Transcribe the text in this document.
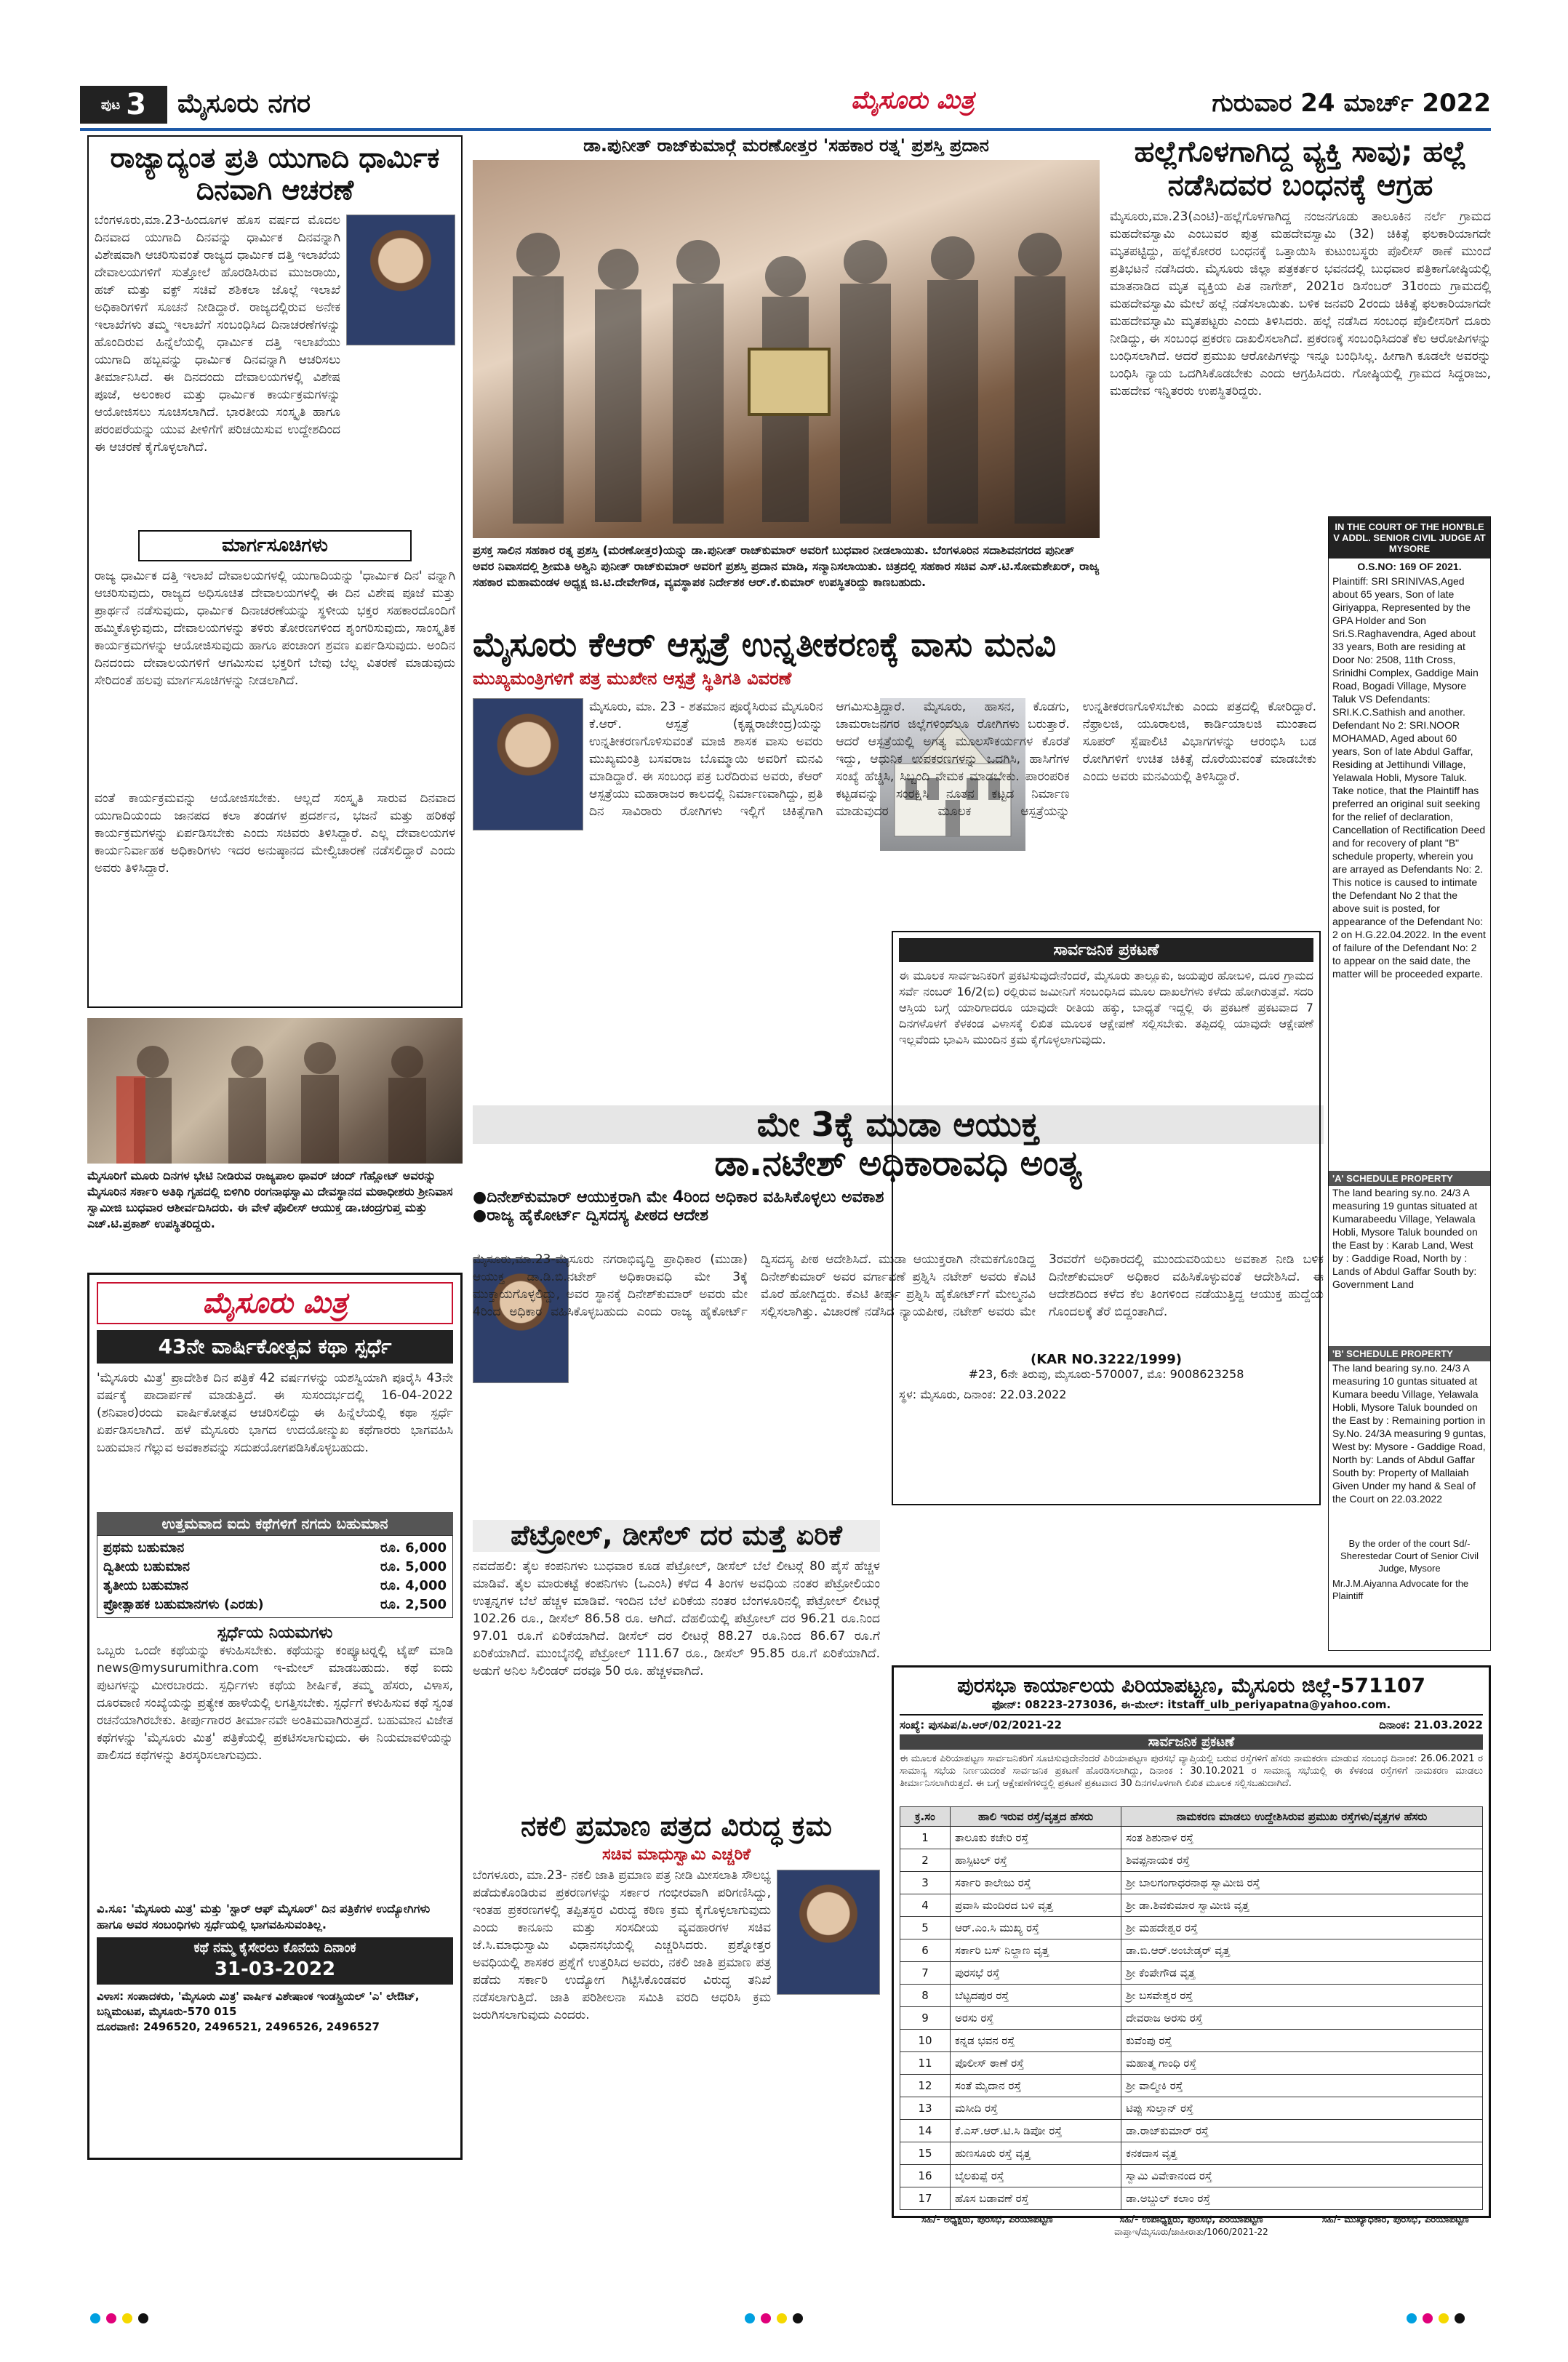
ಪುಟ 3 ಮೈಸೂರು ನಗರ	ಮೈಸೂರು ಮಿತ್ರ	ಗುರುವಾರ 24 ಮಾರ್ಚ್ 2022
ರಾಜ್ಯಾದ್ಯಂತ ಪ್ರತಿ ಯುಗಾದಿ ಧಾರ್ಮಿಕ ದಿನವಾಗಿ ಆಚರಣೆ
ಬೆಂಗಳೂರು,ಮಾ.23-ಹಿಂದೂಗಳ ಹೊಸ ವರ್ಷದ ಮೊದಲ ದಿನವಾದ ಯುಗಾದಿ ದಿನವನ್ನು ಧಾರ್ಮಿಕ ದಿನವನ್ನಾಗಿ ವಿಶೇಷವಾಗಿ ಆಚರಿಸುವಂತೆ ರಾಜ್ಯದ ಧಾರ್ಮಿಕ ದತ್ತಿ ಇಲಾಖೆಯ ದೇವಾಲಯಗಳಿಗೆ ಸುತ್ತೋಲೆ ಹೊರಡಿಸಿರುವ ಮುಜರಾಯಿ, ಹಜ್ ಮತ್ತು ವಕ್ಫ್ ಸಚಿವೆ ಶಶಿಕಲಾ ಜೊಲ್ಲೆ ಇಲಾಖೆ ಅಧಿಕಾರಿಗಳಿಗೆ ಸೂಚನೆ ನೀಡಿದ್ದಾರೆ. ರಾಜ್ಯದಲ್ಲಿರುವ ಅನೇಕ ಇಲಾಖೆಗಳು ತಮ್ಮ ಇಲಾಖೆಗೆ ಸಂಬಂಧಿಸಿದ ದಿನಾಚರಣೆಗಳನ್ನು ಹೊಂದಿರುವ ಹಿನ್ನೆಲೆಯಲ್ಲಿ ಧಾರ್ಮಿಕ ದತ್ತಿ ಇಲಾಖೆಯು ಯುಗಾದಿ ಹಬ್ಬವನ್ನು ಧಾರ್ಮಿಕ ದಿನವನ್ನಾಗಿ ಆಚರಿಸಲು ತೀರ್ಮಾನಿಸಿದೆ. ಈ ದಿನದಂದು ದೇವಾಲಯಗಳಲ್ಲಿ ವಿಶೇಷ ಪೂಜೆ, ಅಲಂಕಾರ ಮತ್ತು ಧಾರ್ಮಿಕ ಕಾರ್ಯಕ್ರಮಗಳನ್ನು ಆಯೋಜಿಸಲು ಸೂಚಿಸಲಾಗಿದೆ. ಭಾರತೀಯ ಸಂಸ್ಕೃತಿ ಹಾಗೂ ಪರಂಪರೆಯನ್ನು ಯುವ ಪೀಳಿಗೆಗೆ ಪರಿಚಯಿಸುವ ಉದ್ದೇಶದಿಂದ ಈ ಆಚರಣೆ ಕೈಗೊಳ್ಳಲಾಗಿದೆ.
ಮಾರ್ಗಸೂಚಿಗಳು
ರಾಜ್ಯ ಧಾರ್ಮಿಕ ದತ್ತಿ ಇಲಾಖೆ ದೇವಾಲಯಗಳಲ್ಲಿ ಯುಗಾದಿಯನ್ನು 'ಧಾರ್ಮಿಕ ದಿನ' ವನ್ನಾಗಿ ಆಚರಿಸುವುದು, ರಾಜ್ಯದ ಅಧಿಸೂಚಿತ ದೇವಾಲಯಗಳಲ್ಲಿ ಈ ದಿನ ವಿಶೇಷ ಪೂಜೆ ಮತ್ತು ಪ್ರಾರ್ಥನೆ ನಡೆಸುವುದು, ಧಾರ್ಮಿಕ ದಿನಾಚರಣೆಯನ್ನು ಸ್ಥಳೀಯ ಭಕ್ತರ ಸಹಕಾರದೊಂದಿಗೆ ಹಮ್ಮಿಕೊಳ್ಳುವುದು, ದೇವಾಲಯಗಳನ್ನು ತಳಿರು ತೋರಣಗಳಿಂದ ಶೃಂಗರಿಸುವುದು, ಸಾಂಸ್ಕೃತಿಕ ಕಾರ್ಯಕ್ರಮಗಳನ್ನು ಆಯೋಜಿಸುವುದು ಹಾಗೂ ಪಂಚಾಂಗ ಶ್ರವಣ ಏರ್ಪಡಿಸುವುದು. ಅಂದಿನ ದಿನದಂದು ದೇವಾಲಯಗಳಿಗೆ ಆಗಮಿಸುವ ಭಕ್ತರಿಗೆ ಬೇವು ಬೆಲ್ಲ ವಿತರಣೆ ಮಾಡುವುದು ಸೇರಿದಂತೆ ಹಲವು ಮಾರ್ಗಸೂಚಿಗಳನ್ನು ನೀಡಲಾಗಿದೆ.
ವಂತೆ ಕಾರ್ಯಕ್ರಮವನ್ನು ಆಯೋಜಿಸಬೇಕು. ಆಲ್ಲದೆ ಸಂಸ್ಕೃತಿ ಸಾರುವ ದಿನವಾದ ಯುಗಾದಿಯಂದು ಜಾನಪದ ಕಲಾ ತಂಡಗಳ ಪ್ರದರ್ಶನ, ಭಜನೆ ಮತ್ತು ಹರಿಕಥೆ ಕಾರ್ಯಕ್ರಮಗಳನ್ನು ಏರ್ಪಡಿಸಬೇಕು ಎಂದು ಸಚಿವರು ತಿಳಿಸಿದ್ದಾರೆ. ಎಲ್ಲ ದೇವಾಲಯಗಳ ಕಾರ್ಯನಿರ್ವಾಹಕ ಅಧಿಕಾರಿಗಳು ಇದರ ಅನುಷ್ಠಾನದ ಮೇಲ್ವಿಚಾರಣೆ ನಡೆಸಲಿದ್ದಾರೆ ಎಂದು ಅವರು ತಿಳಿಸಿದ್ದಾರೆ.
ಡಾ.ಪುನೀತ್ ರಾಜ್‍ಕುಮಾರ್‍ಗೆ ಮರಣೋತ್ತರ 'ಸಹಕಾರ ರತ್ನ' ಪ್ರಶಸ್ತಿ ಪ್ರದಾನ
ಪ್ರಸಕ್ತ ಸಾಲಿನ ಸಹಕಾರ ರತ್ನ ಪ್ರಶಸ್ತಿ (ಮರಣೋತ್ತರ)ಯನ್ನು ಡಾ.ಪುನೀತ್ ರಾಜ್‍ಕುಮಾರ್ ಅವರಿಗೆ ಬುಧವಾರ ನೀಡಲಾಯಿತು. ಬೆಂಗಳೂರಿನ ಸದಾಶಿವನಗರದ ಪುನೀತ್ ಅವರ ನಿವಾಸದಲ್ಲಿ ಶ್ರೀಮತಿ ಅಶ್ವಿನಿ ಪುನೀತ್ ರಾಜ್‍ಕುಮಾರ್ ಅವರಿಗೆ ಪ್ರಶಸ್ತಿ ಪ್ರದಾನ ಮಾಡಿ, ಸನ್ಮಾನಿಸಲಾಯಿತು. ಚಿತ್ರದಲ್ಲಿ ಸಹಕಾರ ಸಚಿವ ಎಸ್.ಟಿ.ಸೋಮಶೇಖರ್, ರಾಜ್ಯ ಸಹಕಾರ ಮಹಾಮಂಡಳ ಅಧ್ಯಕ್ಷ ಜಿ.ಟಿ.ದೇವೇಗೌಡ, ವ್ಯವಸ್ಥಾಪಕ ನಿರ್ದೇಶಕ ಆರ್.ಕೆ.ಕುಮಾರ್ ಉಪಸ್ಥಿತರಿದ್ದು ಕಾಣಬಹುದು.
ಹಲ್ಲೆಗೊಳಗಾಗಿದ್ದ ವ್ಯಕ್ತಿ ಸಾವು; ಹಲ್ಲೆ ನಡೆಸಿದವರ ಬಂಧನಕ್ಕೆ ಆಗ್ರಹ
ಮೈಸೂರು,ಮಾ.23(ಎಂಟಿ)-ಹಲ್ಲೆಗೊಳಗಾಗಿದ್ದ ನಂಜನಗೂಡು ತಾಲೂಕಿನ ನರ್ಲೆ ಗ್ರಾಮದ ಮಹದೇವಸ್ವಾಮಿ ಎಂಬುವರ ಪುತ್ರ ಮಹದೇವಸ್ವಾಮಿ (32) ಚಿಕಿತ್ಸೆ ಫಲಕಾರಿಯಾಗದೇ ಮೃತಪಟ್ಟಿದ್ದು, ಹಲ್ಲೆಕೋರರ ಬಂಧನಕ್ಕೆ ಒತ್ತಾಯಿಸಿ ಕುಟುಂಬಸ್ಥರು ಪೊಲೀಸ್ ಠಾಣೆ ಮುಂದೆ ಪ್ರತಿಭಟನೆ ನಡೆಸಿದರು. ಮೈಸೂರು ಜಿಲ್ಲಾ ಪತ್ರಕರ್ತರ ಭವನದಲ್ಲಿ ಬುಧವಾರ ಪತ್ರಿಕಾಗೋಷ್ಠಿಯಲ್ಲಿ ಮಾತನಾಡಿದ ಮೃತ ವ್ಯಕ್ತಿಯ ಪಿತ ನಾಗೇಶ್, 2021ರ ಡಿಸೆಂಬರ್ 31ರಂದು ಗ್ರಾಮದಲ್ಲಿ ಮಹದೇವಸ್ವಾಮಿ ಮೇಲೆ ಹಲ್ಲೆ ನಡೆಸಲಾಯಿತು. ಬಳಿಕ ಜನವರಿ 2ರಂದು ಚಿಕಿತ್ಸೆ ಫಲಕಾರಿಯಾಗದೇ ಮಹದೇವಸ್ವಾಮಿ ಮೃತಪಟ್ಟರು ಎಂದು ತಿಳಿಸಿದರು. ಹಲ್ಲೆ ನಡೆಸಿದ ಸಂಬಂಧ ಪೊಲೀಸರಿಗೆ ದೂರು ನೀಡಿದ್ದು, ಈ ಸಂಬಂಧ ಪ್ರಕರಣ ದಾಖಲಿಸಲಾಗಿದೆ. ಪ್ರಕರಣಕ್ಕೆ ಸಂಬಂಧಿಸಿದಂತೆ ಕೆಲ ಆರೋಪಿಗಳನ್ನು ಬಂಧಿಸಲಾಗಿದೆ. ಆದರೆ ಪ್ರಮುಖ ಆರೋಪಿಗಳನ್ನು ಇನ್ನೂ ಬಂಧಿಸಿಲ್ಲ. ಹೀಗಾಗಿ ಕೂಡಲೇ ಅವರನ್ನು ಬಂಧಿಸಿ ನ್ಯಾಯ ಒದಗಿಸಿಕೊಡಬೇಕು ಎಂದು ಆಗ್ರಹಿಸಿದರು. ಗೋಷ್ಠಿಯಲ್ಲಿ ಗ್ರಾಮದ ಸಿದ್ದರಾಜು, ಮಹದೇವ ಇನ್ನಿತರರು ಉಪಸ್ಥಿತರಿದ್ದರು.
ಮೈಸೂರು ಕೆಆರ್ ಆಸ್ಪತ್ರೆ ಉನ್ನತೀಕರಣಕ್ಕೆ ವಾಸು ಮನವಿ
ಮುಖ್ಯಮಂತ್ರಿಗಳಿಗೆ ಪತ್ರ ಮುಖೇನ ಆಸ್ಪತ್ರೆ ಸ್ಥಿತಿಗತಿ ವಿವರಣೆ
ಮೈಸೂರು, ಮಾ. 23 - ಶತಮಾನ ಪೂರೈಸಿರುವ ಮೈಸೂರಿನ ಕೆ.ಆರ್. ಆಸ್ಪತ್ರೆ (ಕೃಷ್ಣರಾಜೇಂದ್ರ)ಯನ್ನು ಉನ್ನತೀಕರಣಗೊಳಿಸುವಂತೆ ಮಾಜಿ ಶಾಸಕ ವಾಸು ಅವರು ಮುಖ್ಯಮಂತ್ರಿ ಬಸವರಾಜ ಬೊಮ್ಮಾಯಿ ಅವರಿಗೆ ಮನವಿ ಮಾಡಿದ್ದಾರೆ. ಈ ಸಂಬಂಧ ಪತ್ರ ಬರೆದಿರುವ ಅವರು, ಕೆಆರ್ ಆಸ್ಪತ್ರೆಯು ಮಹಾರಾಜರ ಕಾಲದಲ್ಲಿ ನಿರ್ಮಾಣವಾಗಿದ್ದು, ಪ್ರತಿ ದಿನ ಸಾವಿರಾರು ರೋಗಿಗಳು ಇಲ್ಲಿಗೆ ಚಿಕಿತ್ಸೆಗಾಗಿ ಆಗಮಿಸುತ್ತಿದ್ದಾರೆ. ಮೈಸೂರು, ಹಾಸನ, ಕೊಡಗು, ಚಾಮರಾಜನಗರ ಜಿಲ್ಲೆಗಳಿಂದಲೂ ರೋಗಿಗಳು ಬರುತ್ತಾರೆ. ಆದರೆ ಆಸ್ಪತ್ರೆಯಲ್ಲಿ ಅಗತ್ಯ ಮೂಲಸೌಕರ್ಯಗಳ ಕೊರತೆ ಇದ್ದು, ಆಧುನಿಕ ಉಪಕರಣಗಳನ್ನು ಒದಗಿಸಿ, ಹಾಸಿಗೆಗಳ ಸಂಖ್ಯೆ ಹೆಚ್ಚಿಸಿ, ಸಿಬ್ಬಂದಿ ನೇಮಕ ಮಾಡಬೇಕು. ಪಾರಂಪರಿಕ ಕಟ್ಟಡವನ್ನು ಸಂರಕ್ಷಿಸಿ ನೂತನ ಕಟ್ಟಡ ನಿರ್ಮಾಣ ಮಾಡುವುದರ ಮೂಲಕ ಆಸ್ಪತ್ರೆಯನ್ನು ಉನ್ನತೀಕರಣಗೊಳಿಸಬೇಕು ಎಂದು ಪತ್ರದಲ್ಲಿ ಕೋರಿದ್ದಾರೆ. ನೆಫ್ರಾಲಜಿ, ಯೂರಾಲಜಿ, ಕಾರ್ಡಿಯಾಲಜಿ ಮುಂತಾದ ಸೂಪರ್ ಸ್ಪೆಷಾಲಿಟಿ ವಿಭಾಗಗಳನ್ನು ಆರಂಭಿಸಿ ಬಡ ರೋಗಿಗಳಿಗೆ ಉಚಿತ ಚಿಕಿತ್ಸೆ ದೊರೆಯುವಂತೆ ಮಾಡಬೇಕು ಎಂದು ಅವರು ಮನವಿಯಲ್ಲಿ ತಿಳಿಸಿದ್ದಾರೆ.
IN THE COURT OF THE HON'BLE V ADDL. SENIOR CIVIL JUDGE AT MYSORE
O.S.NO: 169 OF 2021.
Plaintiff: SRI SRINIVAS,Aged about 65 years, Son of late Giriyappa, Represented by the GPA Holder and Son Sri.S.Raghavendra, Aged about 33 years, Both are residing at Door No: 2508, 11th Cross, Srinidhi Complex, Gaddige Main Road, Bogadi Village, Mysore Taluk VS Defendants: SRI.K.C.Sathish and another. Defendant No 2: SRI.NOOR MOHAMAD, Aged about 60 years, Son of late Abdul Gaffar, Residing at Jettihundi Village, Yelawala Hobli, Mysore Taluk. Take notice, that the Plaintiff has preferred an original suit seeking for the relief of declaration, Cancellation of Rectification Deed and for recovery of plant "B" schedule property, wherein you are arrayed as Defendants No: 2. This notice is caused to intimate the Defendant No 2 that the above suit is posted, for appearance of the Defendant No: 2 on H.G.22.04.2022. In the event of failure of the Defendant No: 2 to appear on the said date, the matter will be proceeded exparte.
'A' SCHEDULE PROPERTY
The land bearing sy.no. 24/3 A measuring 19 guntas situated at Kumarabeedu Village, Yelawala Hobli, Mysore Taluk bounded on the East by : Karab Land, West by : Gaddige Road, North by : Lands of Abdul Gaffar South by: Government Land
'B' SCHEDULE PROPERTY
The land bearing sy.no. 24/3 A measuring 10 guntas situated at Kumara beedu Village, Yelawala Hobli, Mysore Taluk bounded on the East by : Remaining portion in Sy.No. 24/3A measuring 9 guntas, West by: Mysore - Gaddige Road, North by: Lands of Abdul Gaffar South by: Property of Mallaiah Given Under my hand & Seal of the Court on 22.03.2022
By the order of the court Sd/- Sherestedar Court of Senior Civil Judge, Mysore
Mr.J.M.Aiyanna Advocate for the Plaintiff
ಮೈಸೂರಿಗೆ ಮೂರು ದಿನಗಳ ಭೇಟಿ ನೀಡಿರುವ ರಾಜ್ಯಪಾಲ ಥಾವರ್ ಚಂದ್ ಗೆಹ್ಲೋಟ್ ಅವರನ್ನು ಮೈಸೂರಿನ ಸರ್ಕಾರಿ ಅತಿಥಿ ಗೃಹದಲ್ಲಿ ಬಿಳಿಗಿರಿ ರಂಗನಾಥಸ್ವಾಮಿ ದೇವಸ್ಥಾನದ ಮಠಾಧೀಶರು ಶ್ರೀನಿವಾಸ ಸ್ವಾಮೀಜಿ ಬುಧವಾರ ಆಶೀರ್ವದಿಸಿದರು. ಈ ವೇಳೆ ಪೊಲೀಸ್ ಆಯುಕ್ತ ಡಾ.ಚಂದ್ರಗುಪ್ತ ಮತ್ತು ಎಚ್.ಟಿ.ಪ್ರಕಾಶ್ ಉಪಸ್ಥಿತರಿದ್ದರು.
ಮೇ 3ಕ್ಕೆ ಮುಡಾ ಆಯುಕ್ತ
ಡಾ.ನಟೇಶ್ ಅಧಿಕಾರಾವಧಿ ಅಂತ್ಯ
●ದಿನೇಶ್‍ಕುಮಾರ್ ಆಯುಕ್ತರಾಗಿ ಮೇ 4ರಿಂದ ಅಧಿಕಾರ ವಹಿಸಿಕೊಳ್ಳಲು ಅವಕಾಶ
●ರಾಜ್ಯ ಹೈಕೋರ್ಟ್ ದ್ವಿಸದಸ್ಯ ಪೀಠದ ಆದೇಶ
ಮೈಸೂರು,ಮಾ.23-ಮೈಸೂರು ನಗರಾಭಿವೃದ್ಧಿ ಪ್ರಾಧಿಕಾರ (ಮುಡಾ) ಆಯುಕ್ತ ಡಾ.ಡಿ.ಬಿ.ನಟೇಶ್ ಅಧಿಕಾರಾವಧಿ ಮೇ 3ಕ್ಕೆ ಮುಕ್ತಾಯಗೊಳ್ಳಲಿದ್ದು, ಅವರ ಸ್ಥಾನಕ್ಕೆ ದಿನೇಶ್‍ಕುಮಾರ್ ಅವರು ಮೇ 4ರಿಂದ ಅಧಿಕಾರ ವಹಿಸಿಕೊಳ್ಳಬಹುದು ಎಂದು ರಾಜ್ಯ ಹೈಕೋರ್ಟ್ ದ್ವಿಸದಸ್ಯ ಪೀಠ ಆದೇಶಿಸಿದೆ. ಮುಡಾ ಆಯುಕ್ತರಾಗಿ ನೇಮಕಗೊಂಡಿದ್ದ ದಿನೇಶ್‍ಕುಮಾರ್ ಅವರ ವರ್ಗಾವಣೆ ಪ್ರಶ್ನಿಸಿ ನಟೇಶ್ ಅವರು ಕೆಎಟಿ ಮೊರೆ ಹೋಗಿದ್ದರು. ಕೆಎಟಿ ತೀರ್ಪು ಪ್ರಶ್ನಿಸಿ ಹೈಕೋರ್ಟ್‍ಗೆ ಮೇಲ್ಮನವಿ ಸಲ್ಲಿಸಲಾಗಿತ್ತು. ವಿಚಾರಣೆ ನಡೆಸಿದ ನ್ಯಾಯಪೀಠ, ನಟೇಶ್ ಅವರು ಮೇ 3ರವರೆಗೆ ಅಧಿಕಾರದಲ್ಲಿ ಮುಂದುವರಿಯಲು ಅವಕಾಶ ನೀಡಿ ಬಳಿಕ ದಿನೇಶ್‍ಕುಮಾರ್ ಅಧಿಕಾರ ವಹಿಸಿಕೊಳ್ಳುವಂತೆ ಆದೇಶಿಸಿದೆ. ಈ ಆದೇಶದಿಂದ ಕಳೆದ ಕೆಲ ತಿಂಗಳಿಂದ ನಡೆಯುತ್ತಿದ್ದ ಆಯುಕ್ತ ಹುದ್ದೆಯ ಗೊಂದಲಕ್ಕೆ ತೆರೆ ಬಿದ್ದಂತಾಗಿದೆ.
ಮೈಸೂರು ಮಿತ್ರ
43ನೇ ವಾರ್ಷಿಕೋತ್ಸವ ಕಥಾ ಸ್ಪರ್ಧೆ
'ಮೈಸೂರು ಮಿತ್ರ' ಪ್ರಾದೇಶಿಕ ದಿನ ಪತ್ರಿಕೆ 42 ವರ್ಷಗಳನ್ನು ಯಶಸ್ವಿಯಾಗಿ ಪೂರೈಸಿ 43ನೇ ವರ್ಷಕ್ಕೆ ಪಾದಾರ್ಪಣೆ ಮಾಡುತ್ತಿದೆ. ಈ ಸುಸಂದರ್ಭದಲ್ಲಿ 16-04-2022 (ಶನಿವಾರ)ರಂದು ವಾರ್ಷಿಕೋತ್ಸವ ಆಚರಿಸಲಿದ್ದು ಈ ಹಿನ್ನೆಲೆಯಲ್ಲಿ ಕಥಾ ಸ್ಪರ್ಧೆ ಏರ್ಪಡಿಸಲಾಗಿದೆ. ಹಳೆ ಮೈಸೂರು ಭಾಗದ ಉದಯೋನ್ಮುಖ ಕಥೆಗಾರರು ಭಾಗವಹಿಸಿ ಬಹುಮಾನ ಗೆಲ್ಲುವ ಅವಕಾಶವನ್ನು ಸದುಪಯೋಗಪಡಿಸಿಕೊಳ್ಳಬಹುದು.
ಉತ್ತಮವಾದ ಐದು ಕಥೆಗಳಿಗೆ ನಗದು ಬಹುಮಾನ
ಪ್ರಥಮ ಬಹುಮಾನ	ರೂ. 6,000
ದ್ವಿತೀಯ ಬಹುಮಾನ	ರೂ. 5,000
ತೃತೀಯ ಬಹುಮಾನ	ರೂ. 4,000
ಪ್ರೋತ್ಸಾಹಕ ಬಹುಮಾನಗಳು (ಎರಡು)	ರೂ. 2,500
ಸ್ಪರ್ಧೆಯ ನಿಯಮಗಳು
ಒಬ್ಬರು ಒಂದೇ ಕಥೆಯನ್ನು ಕಳುಹಿಸಬೇಕು. ಕಥೆಯನ್ನು ಕಂಪ್ಯೂಟರ್‍ನಲ್ಲಿ ಟೈಪ್ ಮಾಡಿ news@mysurumithra.com ಇ-ಮೇಲ್ ಮಾಡಬಹುದು. ಕಥೆ ಐದು ಪುಟಗಳನ್ನು ಮೀರಬಾರದು. ಸ್ಪರ್ಧಿಗಳು ಕಥೆಯ ಶೀರ್ಷಿಕೆ, ತಮ್ಮ ಹೆಸರು, ವಿಳಾಸ, ದೂರವಾಣಿ ಸಂಖ್ಯೆಯನ್ನು ಪ್ರತ್ಯೇಕ ಹಾಳೆಯಲ್ಲಿ ಲಗತ್ತಿಸಬೇಕು. ಸ್ಪರ್ಧೆಗೆ ಕಳುಹಿಸುವ ಕಥೆ ಸ್ವಂತ ರಚನೆಯಾಗಿರಬೇಕು. ತೀರ್ಪುಗಾರರ ತೀರ್ಮಾನವೇ ಅಂತಿಮವಾಗಿರುತ್ತದೆ. ಬಹುಮಾನ ವಿಜೇತ ಕಥೆಗಳನ್ನು 'ಮೈಸೂರು ಮಿತ್ರ' ಪತ್ರಿಕೆಯಲ್ಲಿ ಪ್ರಕಟಿಸಲಾಗುವುದು. ಈ ನಿಯಮಾವಳಿಯನ್ನು ಪಾಲಿಸದ ಕಥೆಗಳನ್ನು ತಿರಸ್ಕರಿಸಲಾಗುವುದು.
ವಿ.ಸೂ: 'ಮೈಸೂರು ಮಿತ್ರ' ಮತ್ತು 'ಸ್ಟಾರ್ ಆಫ್ ಮೈಸೂರ್' ದಿನ ಪತ್ರಿಕೆಗಳ ಉದ್ಯೋಗಿಗಳು ಹಾಗೂ ಅವರ ಸಂಬಂಧಿಗಳು ಸ್ಪರ್ಧೆಯಲ್ಲಿ ಭಾಗವಹಿಸುವಂತಿಲ್ಲ.
ಕಥೆ ನಮ್ಮ ಕೈಸೇರಲು ಕೊನೆಯ ದಿನಾಂಕ
31-03-2022
ವಿಳಾಸ: ಸಂಪಾದಕರು, 'ಮೈಸೂರು ಮಿತ್ರ' ವಾರ್ಷಿಕ ವಿಶೇಷಾಂಕ ಇಂಡಸ್ಟ್ರಿಯಲ್ 'ಎ' ಲೇಔಟ್, ಬನ್ನಿಮಂಟಪ, ಮೈಸೂರು-570 015
ದೂರವಾಣಿ: 2496520, 2496521, 2496526, 2496527
ಪೆಟ್ರೋಲ್, ಡೀಸೆಲ್ ದರ ಮತ್ತೆ ಏರಿಕೆ
ನವದೆಹಲಿ: ತೈಲ ಕಂಪನಿಗಳು ಬುಧವಾರ ಕೂಡ ಪೆಟ್ರೋಲ್, ಡೀಸೆಲ್ ಬೆಲೆ ಲೀಟರ್‍ಗೆ 80 ಪೈಸೆ ಹೆಚ್ಚಳ ಮಾಡಿವೆ. ತೈಲ ಮಾರುಕಟ್ಟೆ ಕಂಪನಿಗಳು (ಒಎಂಸಿ) ಕಳೆದ 4 ತಿಂಗಳ ಅವಧಿಯ ನಂತರ ಪೆಟ್ರೋಲಿಯಂ ಉತ್ಪನ್ನಗಳ ಬೆಲೆ ಹೆಚ್ಚಳ ಮಾಡಿವೆ. ಇಂದಿನ ಬೆಲೆ ಏರಿಕೆಯ ನಂತರ ಬೆಂಗಳೂರಿನಲ್ಲಿ ಪೆಟ್ರೋಲ್ ಲೀಟರ್‍ಗೆ 102.26 ರೂ., ಡೀಸೆಲ್ 86.58 ರೂ. ಆಗಿದೆ. ದೆಹಲಿಯಲ್ಲಿ ಪೆಟ್ರೋಲ್ ದರ 96.21 ರೂ.ನಿಂದ 97.01 ರೂ.ಗೆ ಏರಿಕೆಯಾಗಿದೆ. ಡೀಸೆಲ್ ದರ ಲೀಟರ್‍ಗೆ 88.27 ರೂ.ನಿಂದ 86.67 ರೂ.ಗೆ ಏರಿಕೆಯಾಗಿದೆ. ಮುಂಬೈನಲ್ಲಿ ಪೆಟ್ರೋಲ್ 111.67 ರೂ., ಡೀಸೆಲ್ 95.85 ರೂ.ಗೆ ಏರಿಕೆಯಾಗಿದೆ. ಅಡುಗೆ ಅನಿಲ ಸಿಲಿಂಡರ್ ದರವೂ 50 ರೂ. ಹೆಚ್ಚಳವಾಗಿದೆ.
ಸಾರ್ವಜನಿಕ ಪ್ರಕಟಣೆ
ಈ ಮೂಲಕ ಸಾರ್ವಜನಿಕರಿಗೆ ಪ್ರಕಟಿಸುವುದೇನೆಂದರೆ, ಮೈಸೂರು ತಾಲ್ಲೂಕು, ಜಯಪುರ ಹೋಬಳಿ, ದೂರ ಗ್ರಾಮದ ಸರ್ವೆ ನಂಬರ್ 16/2(ಬಿ) ರಲ್ಲಿರುವ ಜಮೀನಿಗೆ ಸಂಬಂಧಿಸಿದ ಮೂಲ ದಾಖಲೆಗಳು ಕಳೆದು ಹೋಗಿರುತ್ತವೆ. ಸದರಿ ಆಸ್ತಿಯ ಬಗ್ಗೆ ಯಾರಿಗಾದರೂ ಯಾವುದೇ ರೀತಿಯ ಹಕ್ಕು, ಬಾಧ್ಯತೆ ಇದ್ದಲ್ಲಿ ಈ ಪ್ರಕಟಣೆ ಪ್ರಕಟವಾದ 7 ದಿನಗಳೊಳಗೆ ಕೆಳಕಂಡ ವಿಳಾಸಕ್ಕೆ ಲಿಖಿತ ಮೂಲಕ ಆಕ್ಷೇಪಣೆ ಸಲ್ಲಿಸಬೇಕು. ತಪ್ಪಿದಲ್ಲಿ ಯಾವುದೇ ಆಕ್ಷೇಪಣೆ ಇಲ್ಲವೆಂದು ಭಾವಿಸಿ ಮುಂದಿನ ಕ್ರಮ ಕೈಗೊಳ್ಳಲಾಗುವುದು.
(KAR NO.3222/1999)
#23, 6ನೇ ತಿರುವು, ಮೈಸೂರು-570007, ಮೊ: 9008623258
ಸ್ಥಳ: ಮೈಸೂರು, ದಿನಾಂಕ: 22.03.2022
ನಕಲಿ ಪ್ರಮಾಣ ಪತ್ರದ ವಿರುದ್ಧ ಕ್ರಮ
ಸಚಿವ ಮಾಧುಸ್ವಾಮಿ ಎಚ್ಚರಿಕೆ
ಬೆಂಗಳೂರು, ಮಾ.23- ನಕಲಿ ಜಾತಿ ಪ್ರಮಾಣ ಪತ್ರ ನೀಡಿ ಮೀಸಲಾತಿ ಸೌಲಭ್ಯ ಪಡೆದುಕೊಂಡಿರುವ ಪ್ರಕರಣಗಳನ್ನು ಸರ್ಕಾರ ಗಂಭೀರವಾಗಿ ಪರಿಗಣಿಸಿದ್ದು, ಇಂತಹ ಪ್ರಕರಣಗಳಲ್ಲಿ ತಪ್ಪಿತಸ್ಥರ ವಿರುದ್ಧ ಕಠಿಣ ಕ್ರಮ ಕೈಗೊಳ್ಳಲಾಗುವುದು ಎಂದು ಕಾನೂನು ಮತ್ತು ಸಂಸದೀಯ ವ್ಯವಹಾರಗಳ ಸಚಿವ ಜೆ.ಸಿ.ಮಾಧುಸ್ವಾಮಿ ವಿಧಾನಸಭೆಯಲ್ಲಿ ಎಚ್ಚರಿಸಿದರು. ಪ್ರಶ್ನೋತ್ತರ ಅವಧಿಯಲ್ಲಿ ಶಾಸಕರ ಪ್ರಶ್ನೆಗೆ ಉತ್ತರಿಸಿದ ಅವರು, ನಕಲಿ ಜಾತಿ ಪ್ರಮಾಣ ಪತ್ರ ಪಡೆದು ಸರ್ಕಾರಿ ಉದ್ಯೋಗ ಗಿಟ್ಟಿಸಿಕೊಂಡವರ ವಿರುದ್ಧ ತನಿಖೆ ನಡೆಸಲಾಗುತ್ತಿದೆ. ಜಾತಿ ಪರಿಶೀಲನಾ ಸಮಿತಿ ವರದಿ ಆಧರಿಸಿ ಕ್ರಮ ಜರುಗಿಸಲಾಗುವುದು ಎಂದರು.
ಪುರಸಭಾ ಕಾರ್ಯಾಲಯ ಪಿರಿಯಾಪಟ್ಟಣ, ಮೈಸೂರು ಜಿಲ್ಲೆ-571107
ಫೋನ್: 08223-273036, ಈ-ಮೇಲ್: itstaff_ulb_periyapatna@yahoo.com.
ಸಂಖ್ಯೆ: ಪುಸಪಿಪ/ಪಿ.ಆರ್/02/2021-22	ದಿನಾಂಕ: 21.03.2022
ಸಾರ್ವಜನಿಕ ಪ್ರಕಟಣೆ
ಈ ಮೂಲಕ ಪಿರಿಯಾಪಟ್ಟಣ ಸಾರ್ವಜನಿಕರಿಗೆ ಸೂಚಿಸುವುದೇನೆಂದರೆ ಪಿರಿಯಾಪಟ್ಟಣ ಪುರಸಭೆ ವ್ಯಾಪ್ತಿಯಲ್ಲಿ ಬರುವ ರಸ್ತೆಗಳಿಗೆ ಹೆಸರು ನಾಮಕರಣ ಮಾಡುವ ಸಂಬಂಧ ದಿನಾಂಕ: 26.06.2021 ರ ಸಾಮಾನ್ಯ ಸಭೆಯ ನಿರ್ಣಯದಂತೆ ಸಾರ್ವಜನಿಕ ಪ್ರಕಟಣೆ ಹೊರಡಿಸಲಾಗಿದ್ದು, ದಿನಾಂಕ : 30.10.2021 ರ ಸಾಮಾನ್ಯ ಸಭೆಯಲ್ಲಿ ಈ ಕೆಳಕಂಡ ರಸ್ತೆಗಳಿಗೆ ನಾಮಕರಣ ಮಾಡಲು ತೀರ್ಮಾನಿಸಲಾಗಿರುತ್ತದೆ. ಈ ಬಗ್ಗೆ ಆಕ್ಷೇಪಣೆಗಳಿದ್ದಲ್ಲಿ ಪ್ರಕಟಣೆ ಪ್ರಕಟವಾದ 30 ದಿನಗಳೊಳಗಾಗಿ ಲಿಖಿತ ಮೂಲಕ ಸಲ್ಲಿಸಬಹುದಾಗಿದೆ.
ಕ್ರ.ಸಂ	ಹಾಲಿ ಇರುವ ರಸ್ತೆ/ವೃತ್ತದ ಹೆಸರು	ನಾಮಕರಣ ಮಾಡಲು ಉದ್ದೇಶಿಸಿರುವ ಪ್ರಮುಖ ರಸ್ತೆಗಳು/ವೃತ್ತಗಳ ಹೆಸರು
1	ತಾಲೂಕು ಕಚೇರಿ ರಸ್ತೆ	ಸಂತ ಶಿಶುನಾಳ ರಸ್ತೆ
2	ಹಾಸ್ಪಿಟಲ್ ರಸ್ತೆ	ಶಿವಪ್ಪನಾಯಕ ರಸ್ತೆ
3	ಸರ್ಕಾರಿ ಕಾಲೇಜು ರಸ್ತೆ	ಶ್ರೀ ಬಾಲಗಂಗಾಧರನಾಥ ಸ್ವಾಮೀಜಿ ರಸ್ತೆ
4	ಪ್ರವಾಸಿ ಮಂದಿರದ ಬಳಿ ವೃತ್ತ	ಶ್ರೀ ಡಾ.ಶಿವಕುಮಾರ ಸ್ವಾಮೀಜಿ ವೃತ್ತ
5	ಆರ್.ಎಂ.ಸಿ ಮುಖ್ಯ ರಸ್ತೆ	ಶ್ರೀ ಮಹದೇಶ್ವರ ರಸ್ತೆ
6	ಸರ್ಕಾರಿ ಬಸ್ ನಿಲ್ದಾಣ ವೃತ್ತ	ಡಾ.ಬಿ.ಆರ್.ಅಂಬೇಡ್ಕರ್ ವೃತ್ತ
7	ಪುರಸಭೆ ರಸ್ತೆ	ಶ್ರೀ ಕೆಂಪೇಗೌಡ ವೃತ್ತ
8	ಬೆಟ್ಟದಪುರ ರಸ್ತೆ	ಶ್ರೀ ಬಸವೇಶ್ವರ ರಸ್ತೆ
9	ಅರಸು ರಸ್ತೆ	ದೇವರಾಜ ಅರಸು ರಸ್ತೆ
10	ಕನ್ನಡ ಭವನ ರಸ್ತೆ	ಕುವೆಂಪು ರಸ್ತೆ
11	ಪೊಲೀಸ್ ಠಾಣೆ ರಸ್ತೆ	ಮಹಾತ್ಮ ಗಾಂಧಿ ರಸ್ತೆ
12	ಸಂತೆ ಮೈದಾನ ರಸ್ತೆ	ಶ್ರೀ ವಾಲ್ಮೀಕಿ ರಸ್ತೆ
13	ಮಸೀದಿ ರಸ್ತೆ	ಟಿಪ್ಪು ಸುಲ್ತಾನ್ ರಸ್ತೆ
14	ಕೆ.ಎಸ್.ಆರ್.ಟಿ.ಸಿ ಡಿಪೋ ರಸ್ತೆ	ಡಾ.ರಾಜ್‍ಕುಮಾರ್ ರಸ್ತೆ
15	ಹುಣಸೂರು ರಸ್ತೆ ವೃತ್ತ	ಕನಕದಾಸ ವೃತ್ತ
16	ಬೈಲಕುಪ್ಪೆ ರಸ್ತೆ	ಸ್ವಾಮಿ ವಿವೇಕಾನಂದ ರಸ್ತೆ
17	ಹೊಸ ಬಡಾವಣೆ ರಸ್ತೆ	ಡಾ.ಅಬ್ದುಲ್ ಕಲಾಂ ರಸ್ತೆ
ಸಹಿ/- ಅಧ್ಯಕ್ಷರು, ಪುರಸಭೆ, ಪಿರಿಯಾಪಟ್ಟಣ	ಸಹಿ/- ಉಪಾಧ್ಯಕ್ಷರು, ಪುರಸಭೆ, ಪಿರಿಯಾಪಟ್ಟಣ	ಸಹಿ/- ಮುಖ್ಯಾಧಿಕಾರಿ, ಪುರಸಭೆ, ಪಿರಿಯಾಪಟ್ಟಣ
ವಾಪ್ತಾಇ/ಮೈಸೂರು/ಜಾಹೀರಾತು/1060/2021-22
